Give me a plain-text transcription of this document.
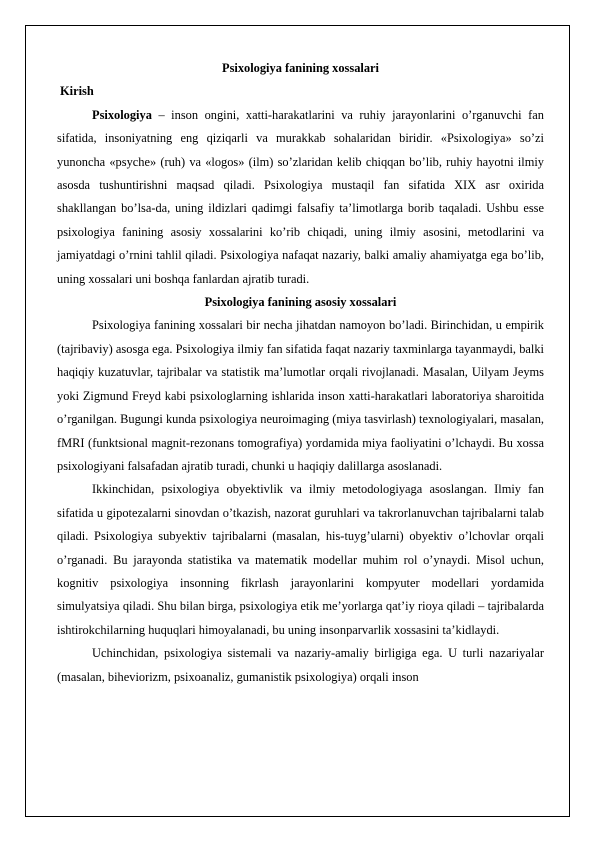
Psixologiya fanining xossalari
Kirish

Psixologiya – inson ongini, xatti-harakatlarini va ruhiy jarayonlarini o’rganuvchi fan sifatida, insoniyatning eng qiziqarli va murakkab sohalaridan biridir. «Psixologiya» so’zi yunoncha «psyche» (ruh) va «logos» (ilm) so’zlaridan kelib chiqqan bo’lib, ruhiy hayotni ilmiy asosda tushuntirishni maqsad qiladi. Psixologiya mustaqil fan sifatida XIX asr oxirida shakllangan bo’lsa-da, uning ildizlari qadimgi falsafiy ta’limotlarga borib taqaladi. Ushbu esse psixologiya fanining asosiy xossalarini ko’rib chiqadi, uning ilmiy asosini, metodlarini va jamiyatdagi o’rnini tahlil qiladi. Psixologiya nafaqat nazariy, balki amaliy ahamiyatga ega bo’lib, uning xossalari uni boshqa fanlardan ajratib turadi.

Psixologiya fanining asosiy xossalari

Psixologiya fanining xossalari bir necha jihatdan namoyon bo’ladi. Birinchidan, u empirik (tajribaviy) asosga ega. Psixologiya ilmiy fan sifatida faqat nazariy taxminlarga tayanmaydi, balki haqiqiy kuzatuvlar, tajribalar va statistik ma’lumotlar orqali rivojlanadi. Masalan, Uilyam Jeyms yoki Zigmund Freyd kabi psixologlarning ishlarida inson xatti-harakatlari laboratoriya sharoitida o’rganilgan. Bugungi kunda psixologiya neuroimaging (miya tasvirlash) texnologiyalari, masalan, fMRI (funktsional magnit-rezonans tomografiya) yordamida miya faoliyatini o’lchaydi. Bu xossa psixologiyani falsafadan ajratib turadi, chunki u haqiqiy dalillarga asoslanadi.

Ikkinchidan, psixologiya obyektivlik va ilmiy metodologiyaga asoslangan. Ilmiy fan sifatida u gipotezalarni sinovdan o’tkazish, nazorat guruhlari va takrorlanuvchan tajribalarni talab qiladi. Psixologiya subyektiv tajribalarni (masalan, his-tuyg’ularni) obyektiv o’lchovlar orqali o’rganadi. Bu jarayonda statistika va matematik modellar muhim rol o’ynaydi. Misol uchun, kognitiv psixologiya insonning fikrlash jarayonlarini kompyuter modellari yordamida simulyatsiya qiladi. Shu bilan birga, psixologiya etik me’yorlarga qat’iy rioya qiladi – tajribalarda ishtirokchilarning huquqlari himoyalanadi, bu uning insonparvarlik xossasini ta’kidlaydi.

Uchinchidan, psixologiya sistemali va nazariy-amaliy birligiga ega. U turli nazariyalar (masalan, biheviorizm, psixoanaliz, gumanistik psixologiya) orqali inson
